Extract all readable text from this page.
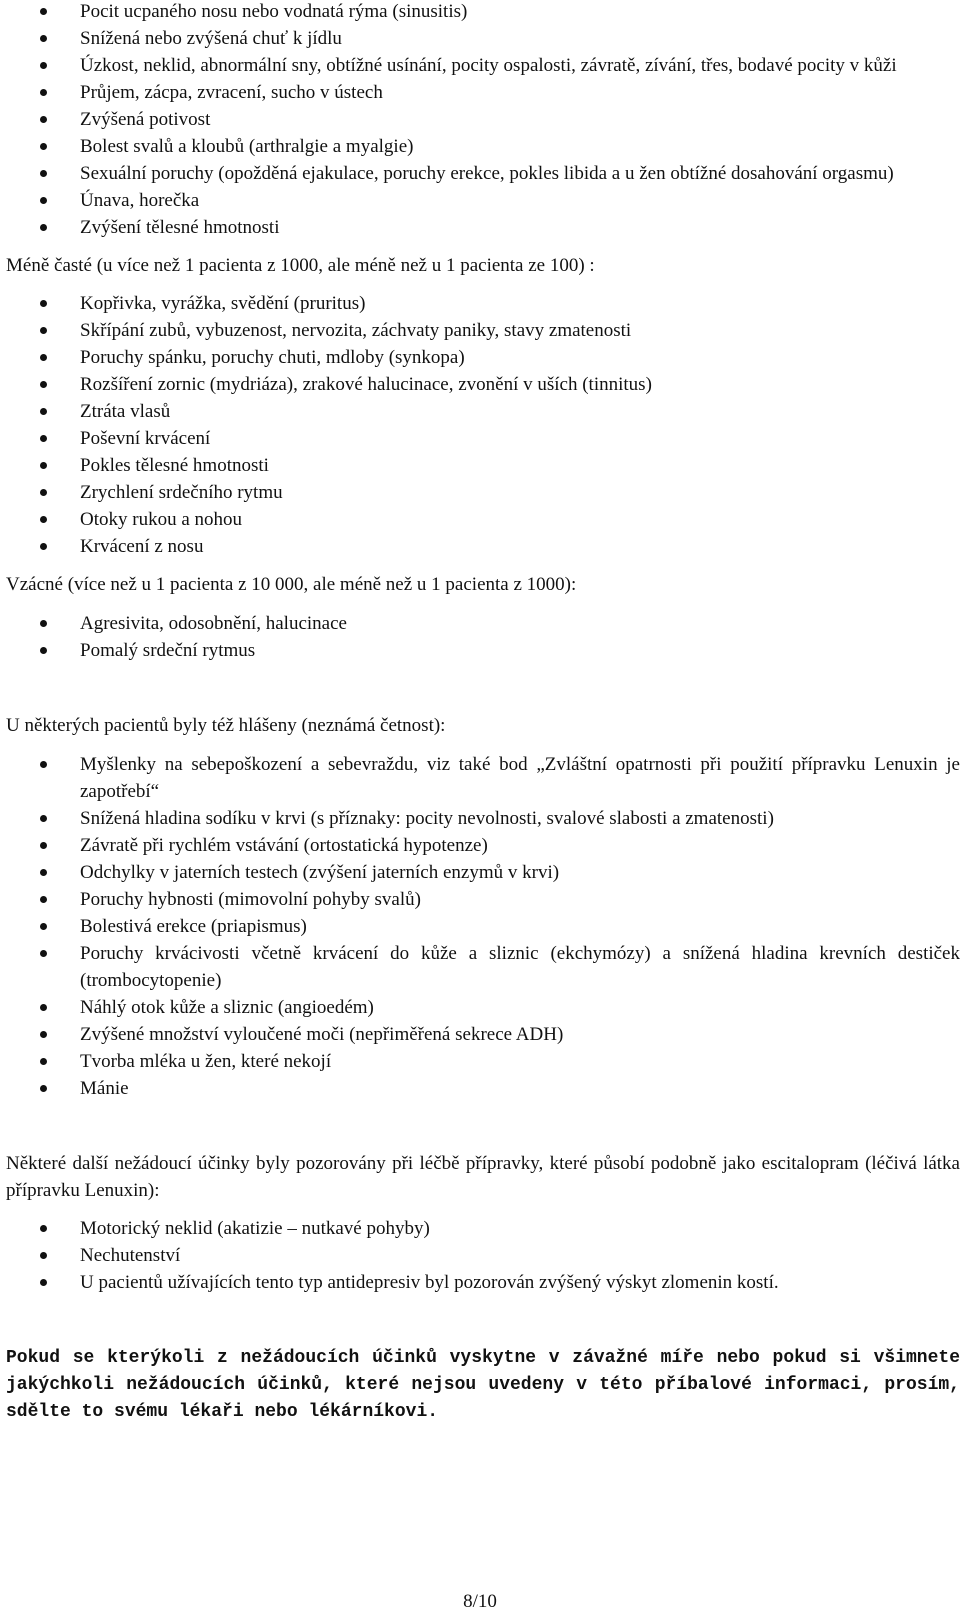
Pocit ucpaného nosu nebo vodnatá rýma (sinusitis)
Snížená nebo zvýšená chuť k jídlu
Úzkost, neklid, abnormální sny, obtížné usínání, pocity ospalosti, závratě, zívání, třes, bodavé pocity v kůži
Průjem, zácpa, zvracení, sucho v ústech
Zvýšená potivost
Bolest svalů a kloubů (arthralgie a myalgie)
Sexuální poruchy (opožděná ejakulace, poruchy erekce, pokles libida a u žen obtížné dosahování orgasmu)
Únava, horečka
Zvýšení tělesné hmotnosti

Méně časté (u více než 1 pacienta z 1000, ale méně než u 1 pacienta ze 100) :

Kopřivka, vyrážka, svědění (pruritus)
Skřípání zubů, vybuzenost, nervozita, záchvaty paniky, stavy zmatenosti
Poruchy spánku, poruchy chuti, mdloby (synkopa)
Rozšíření zornic (mydriáza), zrakové halucinace, zvonění v uších (tinnitus)
Ztráta vlasů
Poševní krvácení
Pokles tělesné hmotnosti
Zrychlení srdečního rytmu
Otoky rukou a nohou
Krvácení z nosu

Vzácné (více než u 1 pacienta z 10 000, ale méně než u 1 pacienta z 1000):

Agresivita, odosobnění, halucinace
Pomalý srdeční rytmus

U některých pacientů byly též hlášeny (neznámá četnost):

Myšlenky na sebepoškození a sebevraždu, viz také bod „Zvláštní opatrnosti při použití přípravku Lenuxin je zapotřebí“
Snížená hladina sodíku v krvi (s příznaky: pocity nevolnosti, svalové slabosti a zmatenosti)
Závratě při rychlém vstávání (ortostatická hypotenze)
Odchylky v jaterních testech (zvýšení jaterních enzymů v krvi)
Poruchy hybnosti (mimovolní pohyby svalů)
Bolestivá erekce (priapismus)
Poruchy krvácivosti včetně krvácení do kůže a sliznic (ekchymózy) a snížená hladina krevních destiček (trombocytopenie)
Náhlý otok kůže a sliznic (angioedém)
Zvýšené množství vyloučené moči (nepřiměřená sekrece ADH)
Tvorba mléka u žen, které nekojí
Mánie

Některé další nežádoucí účinky byly pozorovány při léčbě přípravky, které působí podobně jako escitalopram (léčivá látka přípravku Lenuxin):

Motorický neklid (akatizie – nutkavé pohyby)
Nechutenství
U pacientů užívajících tento typ antidepresiv byl pozorován zvýšený výskyt zlomenin kostí.

Pokud se kterýkoli z nežádoucích účinků vyskytne v závažné míře nebo pokud si všimnete jakýchkoli nežádoucích účinků, které nejsou uvedeny v této příbalové informaci, prosím, sdělte to svému lékaři nebo lékárníkovi.

8/10
